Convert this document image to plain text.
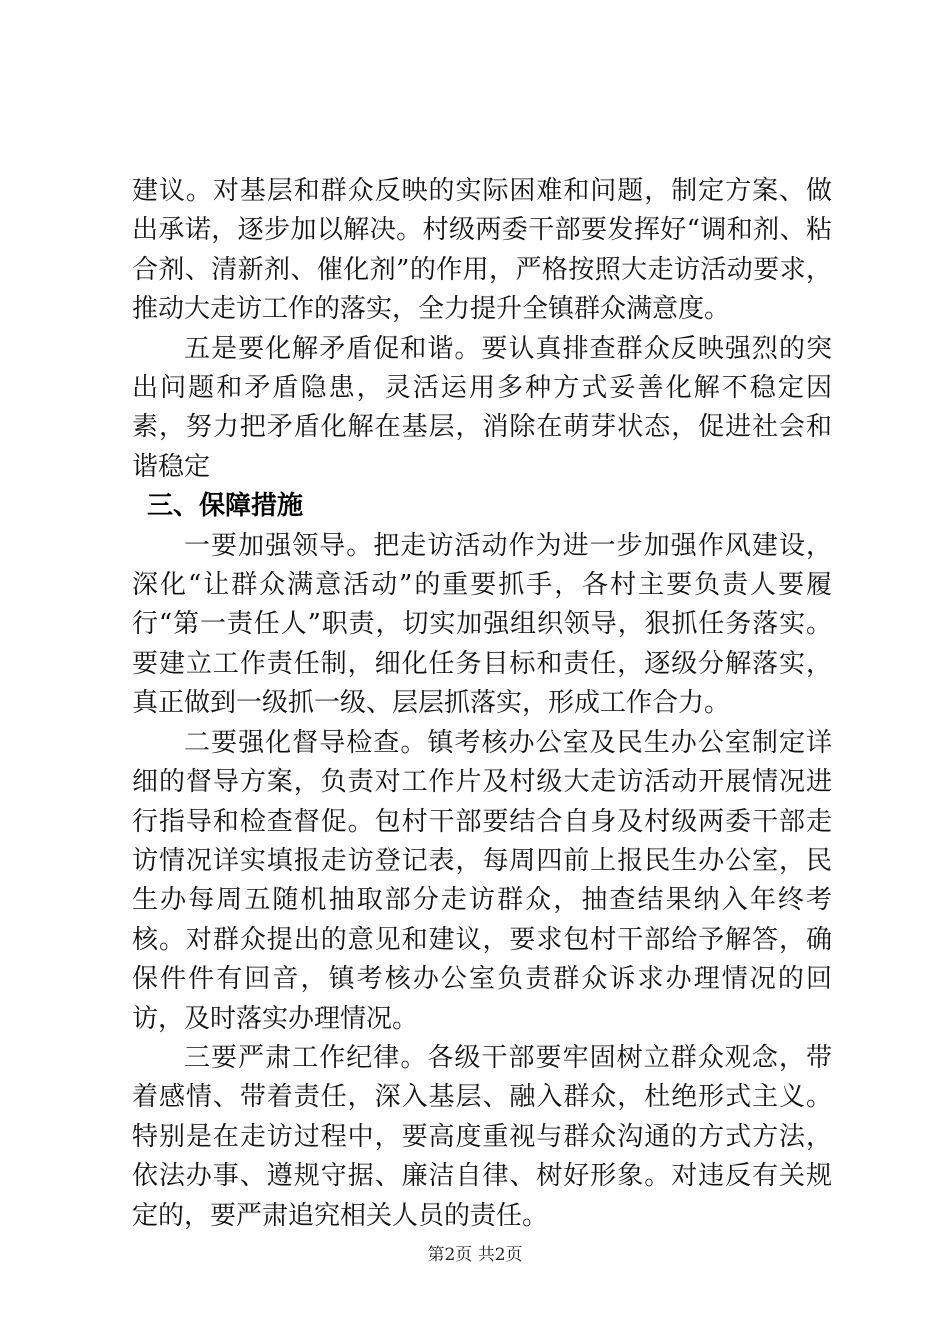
建议。对基层和群众反映的实际困难和问题，制定方案、做出承诺，逐步加以解决。村级两委干部要发挥好“调和剂、粘合剂、清新剂、催化剂”的作用，严格按照大走访活动要求，推动大走访工作的落实，全力提升全镇群众满意度。

五是要化解矛盾促和谐。要认真排查群众反映强烈的突出问题和矛盾隐患，灵活运用多种方式妥善化解不稳定因素，努力把矛盾化解在基层，消除在萌芽状态，促进社会和谐稳定

三、保障措施

一要加强领导。把走访活动作为进一步加强作风建设，深化“让群众满意活动”的重要抓手，各村主要负责人要履行“第一责任人”职责，切实加强组织领导，狠抓任务落实。要建立工作责任制，细化任务目标和责任，逐级分解落实，真正做到一级抓一级、层层抓落实，形成工作合力。

二要强化督导检查。镇考核办公室及民生办公室制定详细的督导方案，负责对工作片及村级大走访活动开展情况进行指导和检查督促。包村干部要结合自身及村级两委干部走访情况详实填报走访登记表，每周四前上报民生办公室，民生办每周五随机抽取部分走访群众，抽查结果纳入年终考核。对群众提出的意见和建议，要求包村干部给予解答，确保件件有回音，镇考核办公室负责群众诉求办理情况的回访，及时落实办理情况。

三要严肃工作纪律。各级干部要牢固树立群众观念，带着感情、带着责任，深入基层、融入群众，杜绝形式主义。特别是在走访过程中，要高度重视与群众沟通的方式方法，依法办事、遵规守据、廉洁自律、树好形象。对违反有关规定的，要严肃追究相关人员的责任。

第2页 共2页
